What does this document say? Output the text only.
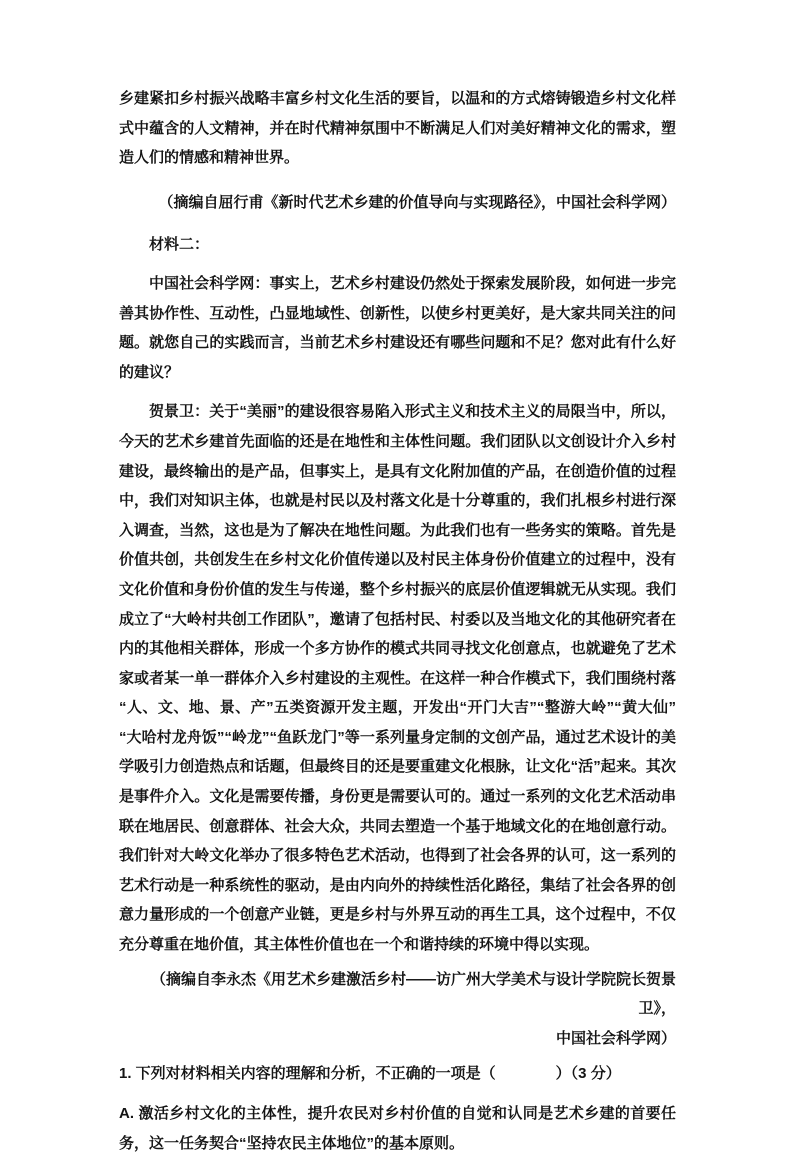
乡建紧扣乡村振兴战略丰富乡村文化生活的要旨，以温和的方式熔铸锻造乡村文化样式中蕴含的人文精神，并在时代精神氛围中不断满足人们对美好精神文化的需求，塑造人们的情感和精神世界。

（摘编自屈行甫《新时代艺术乡建的价值导向与实现路径》，中国社会科学网）

材料二：

中国社会科学网：事实上，艺术乡村建设仍然处于探索发展阶段，如何进一步完善其协作性、互动性，凸显地域性、创新性，以使乡村更美好，是大家共同关注的问题。就您自己的实践而言，当前艺术乡村建设还有哪些问题和不足？您对此有什么好的建议？

贺景卫：关于“美丽”的建设很容易陷入形式主义和技术主义的局限当中，所以，今天的艺术乡建首先面临的还是在地性和主体性问题。我们团队以文创设计介入乡村建设，最终输出的是产品，但事实上，是具有文化附加值的产品，在创造价值的过程中，我们对知识主体，也就是村民以及村落文化是十分尊重的，我们扎根乡村进行深入调查，当然，这也是为了解决在地性问题。为此我们也有一些务实的策略。首先是价值共创，共创发生在乡村文化价值传递以及村民主体身份价值建立的过程中，没有文化价值和身份价值的发生与传递，整个乡村振兴的底层价值逻辑就无从实现。我们成立了“大岭村共创工作团队”，邀请了包括村民、村委以及当地文化的其他研究者在内的其他相关群体，形成一个多方协作的模式共同寻找文化创意点，也就避免了艺术家或者某一单一群体介入乡村建设的主观性。在这样一种合作模式下，我们围绕村落“人、文、地、景、产”五类资源开发主题，开发出“开门大吉”“整游大岭”“黄大仙”“大哈村龙舟饭”“岭龙”“鱼跃龙门”等一系列量身定制的文创产品，通过艺术设计的美学吸引力创造热点和话题，但最终目的还是要重建文化根脉，让文化“活”起来。其次是事件介入。文化是需要传播，身份更是需要认可的。通过一系列的文化艺术活动串联在地居民、创意群体、社会大众，共同去塑造一个基于地域文化的在地创意行动。我们针对大岭文化举办了很多特色艺术活动，也得到了社会各界的认可，这一系列的艺术行动是一种系统性的驱动，是由内向外的持续性活化路径，集结了社会各界的创意力量形成的一个创意产业链，更是乡村与外界互动的再生工具，这个过程中，不仅充分尊重在地价值，其主体性价值也在一个和谐持续的环境中得以实现。

（摘编自李永杰《用艺术乡建激活乡村——访广州大学美术与设计学院院长贺景卫》，

中国社会科学网）

1. 下列对材料相关内容的理解和分析，不正确的一项是（　　　　）（3 分）

A. 激活乡村文化的主体性，提升农民对乡村价值的自觉和认同是艺术乡建的首要任务，这一任务契合“坚持农民主体地位”的基本原则。
